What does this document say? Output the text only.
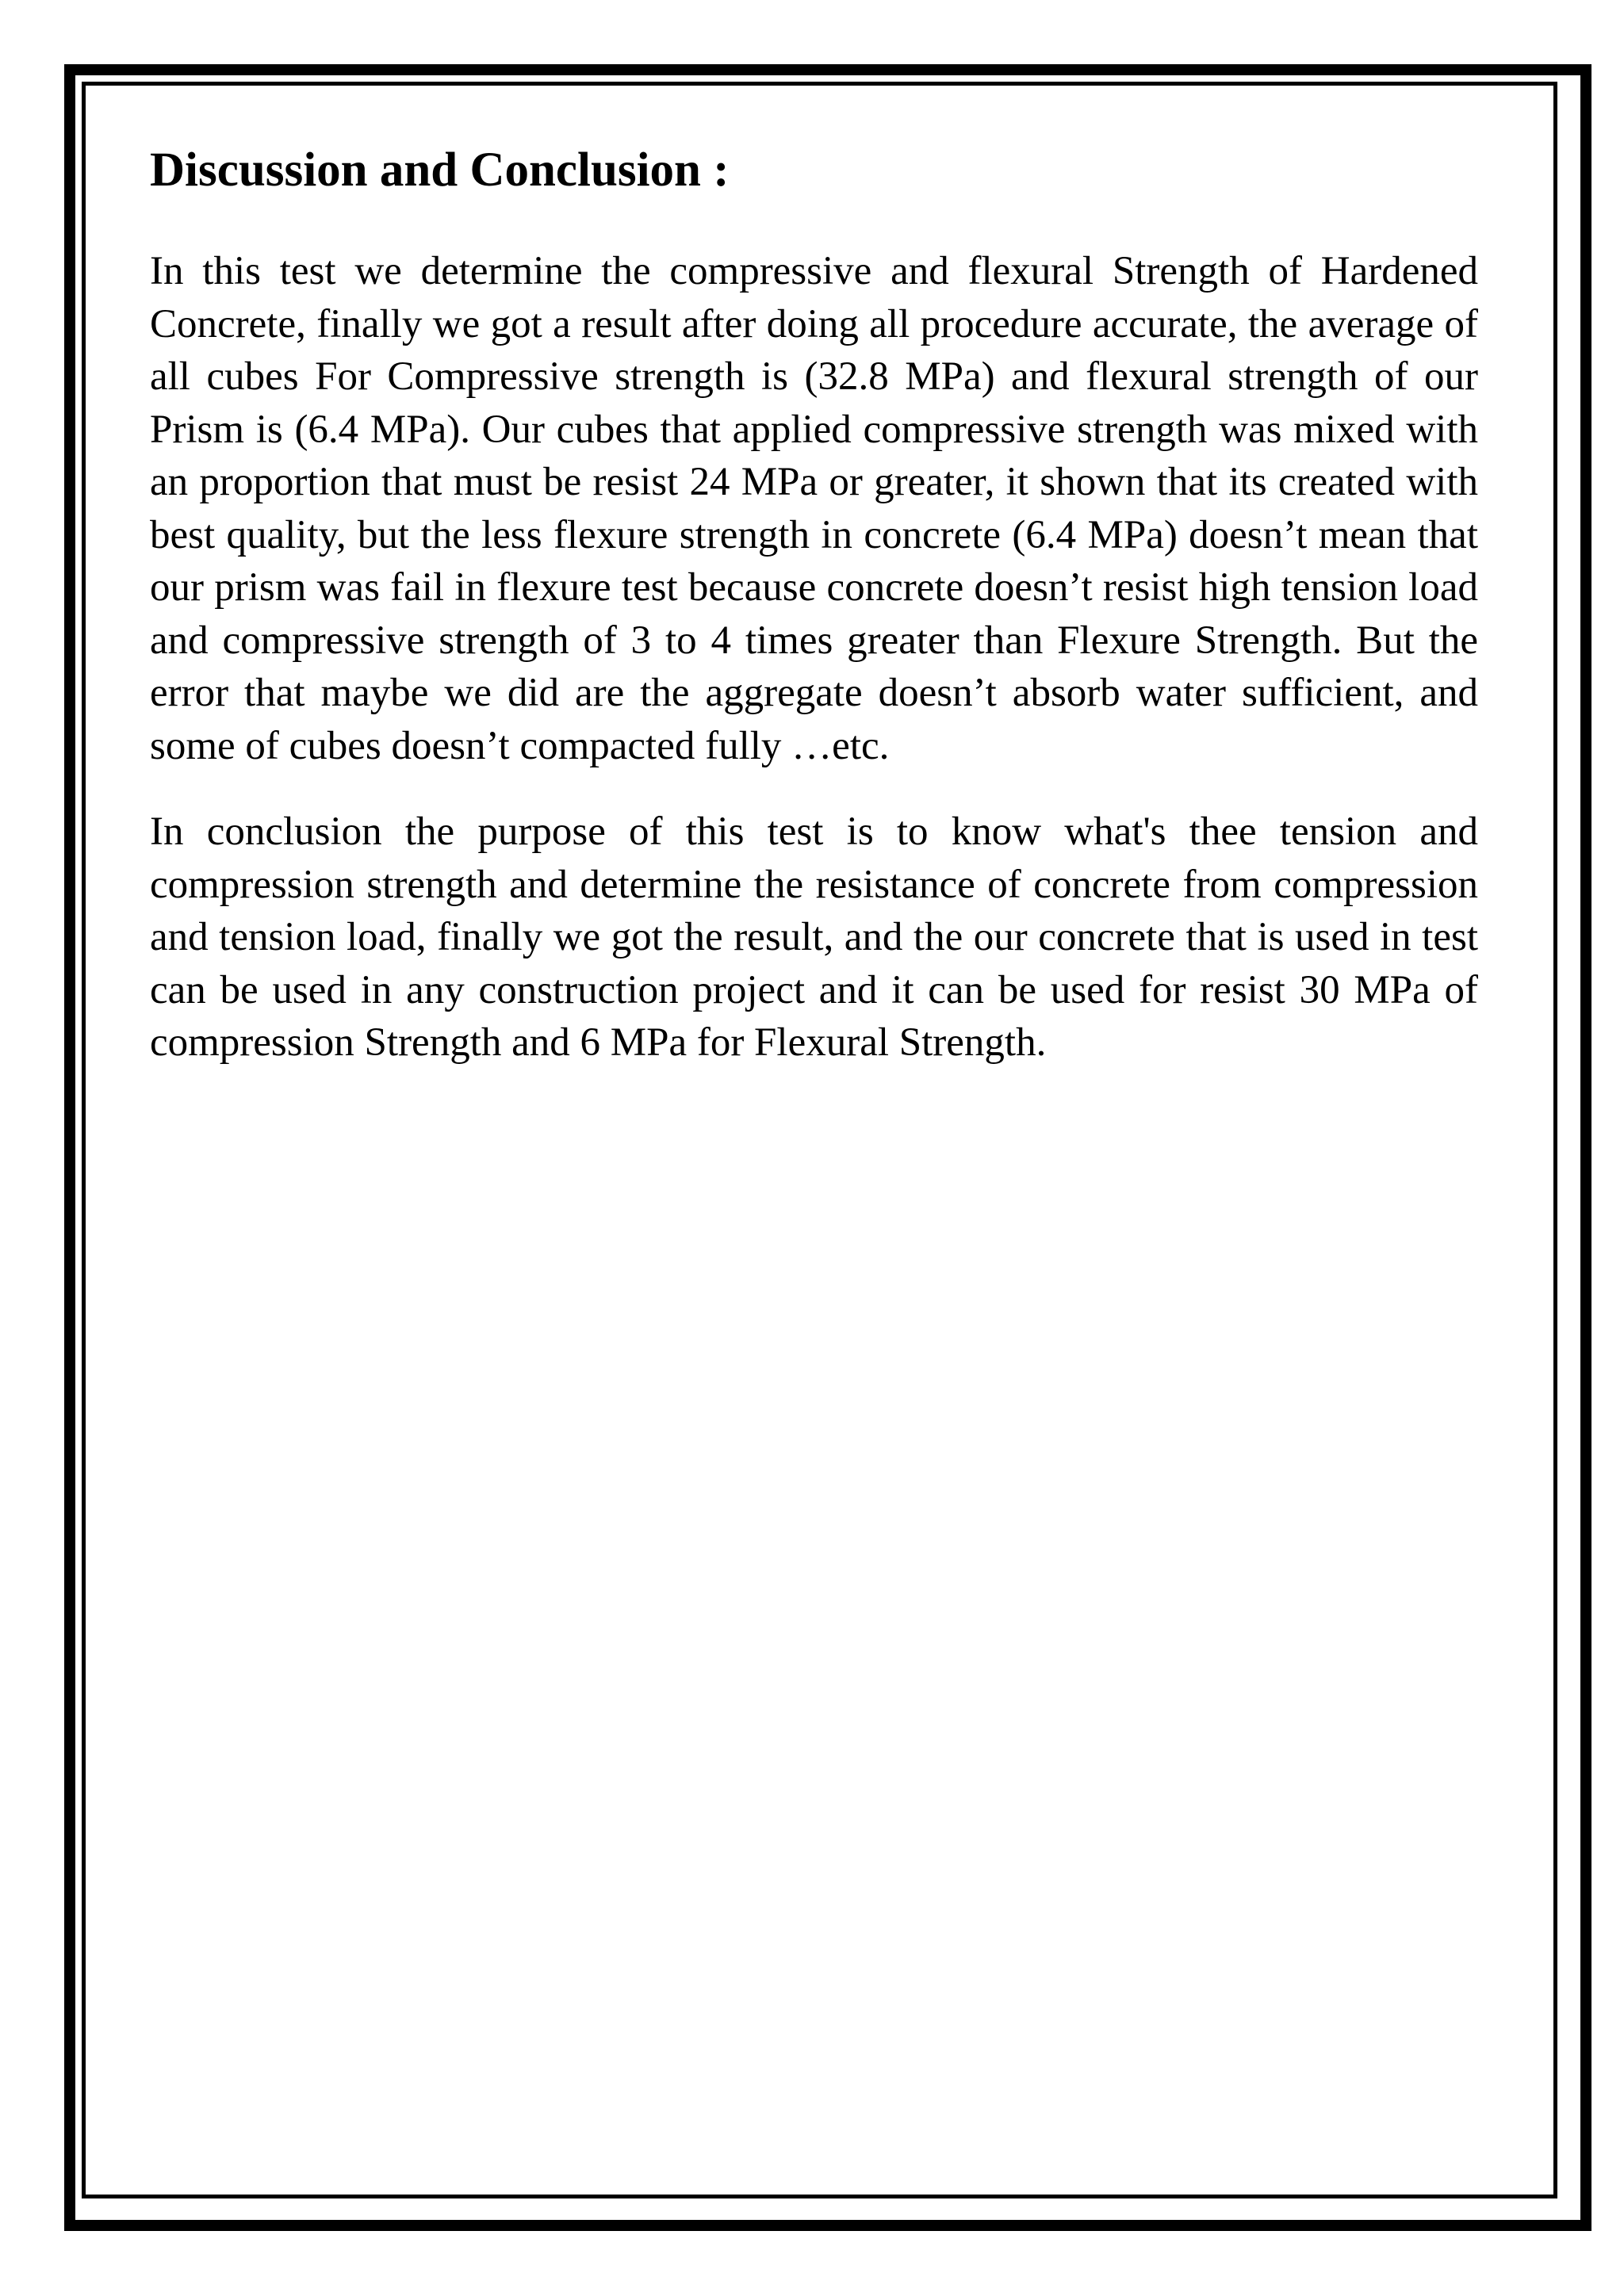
Discussion and Conclusion :

In this test we determine the compressive and flexural Strength of Hardened Concrete, finally we got a result after doing all procedure accurate, the average of all cubes For Compressive strength is (32.8 MPa) and flexural strength of our Prism is (6.4 MPa). Our cubes that applied compressive strength was mixed with an proportion that must be resist 24 MPa or greater, it shown that its created with best quality, but the less flexure strength in concrete (6.4 MPa) doesn’t mean that our prism was fail in flexure test because concrete doesn’t resist high tension load and compressive strength of 3 to 4 times greater than Flexure Strength. But the error that maybe we did are the aggregate doesn’t absorb water sufficient, and some of cubes doesn’t compacted fully …etc.

In conclusion the purpose of this test is to know what's thee tension and compression strength and determine the resistance of concrete from compression and tension load, finally we got the result, and the our concrete that is used in test can be used in any construction project and it can be used for resist 30 MPa of compression Strength and 6 MPa for Flexural Strength.
